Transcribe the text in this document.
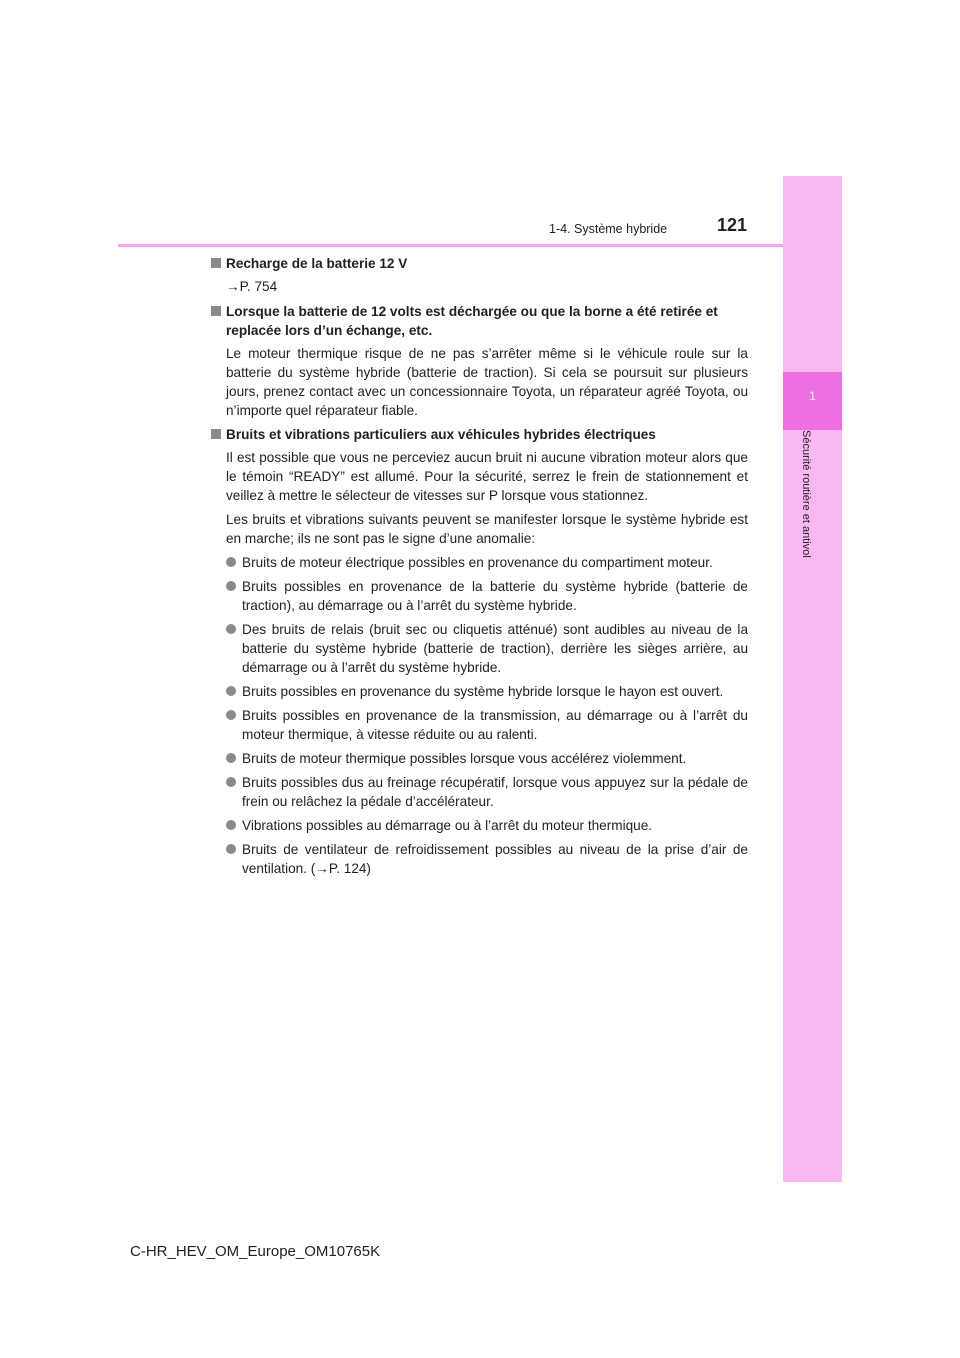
1
Sécurité routière et antivol
1-4. Système hybride	121
Recharge de la batterie 12 V
→P. 754
Lorsque la batterie de 12 volts est déchargée ou que la borne a été retirée et replacée lors d’un échange, etc.
Le moteur thermique risque de ne pas s’arrêter même si le véhicule roule sur la batterie du système hybride (batterie de traction). Si cela se poursuit sur plusieurs jours, prenez contact avec un concessionnaire Toyota, un réparateur agréé Toyota, ou n’importe quel réparateur fiable.
Bruits et vibrations particuliers aux véhicules hybrides électriques
Il est possible que vous ne perceviez aucun bruit ni aucune vibration moteur alors que le témoin “READY” est allumé. Pour la sécurité, serrez le frein de stationnement et veillez à mettre le sélecteur de vitesses sur P lorsque vous stationnez.
Les bruits et vibrations suivants peuvent se manifester lorsque le système hybride est en marche; ils ne sont pas le signe d’une anomalie:
Bruits de moteur électrique possibles en provenance du compartiment moteur.
Bruits possibles en provenance de la batterie du système hybride (batterie de traction), au démarrage ou à l’arrêt du système hybride.
Des bruits de relais (bruit sec ou cliquetis atténué) sont audibles au niveau de la batterie du système hybride (batterie de traction), derrière les sièges arrière, au démarrage ou à l’arrêt du système hybride.
Bruits possibles en provenance du système hybride lorsque le hayon est ouvert.
Bruits possibles en provenance de la transmission, au démarrage ou à l’arrêt du moteur thermique, à vitesse réduite ou au ralenti.
Bruits de moteur thermique possibles lorsque vous accélérez violemment.
Bruits possibles dus au freinage récupératif, lorsque vous appuyez sur la pédale de frein ou relâchez la pédale d’accélérateur.
Vibrations possibles au démarrage ou à l’arrêt du moteur thermique.
Bruits de ventilateur de refroidissement possibles au niveau de la prise d’air de ventilation. (→P. 124)
C-HR_HEV_OM_Europe_OM10765K
